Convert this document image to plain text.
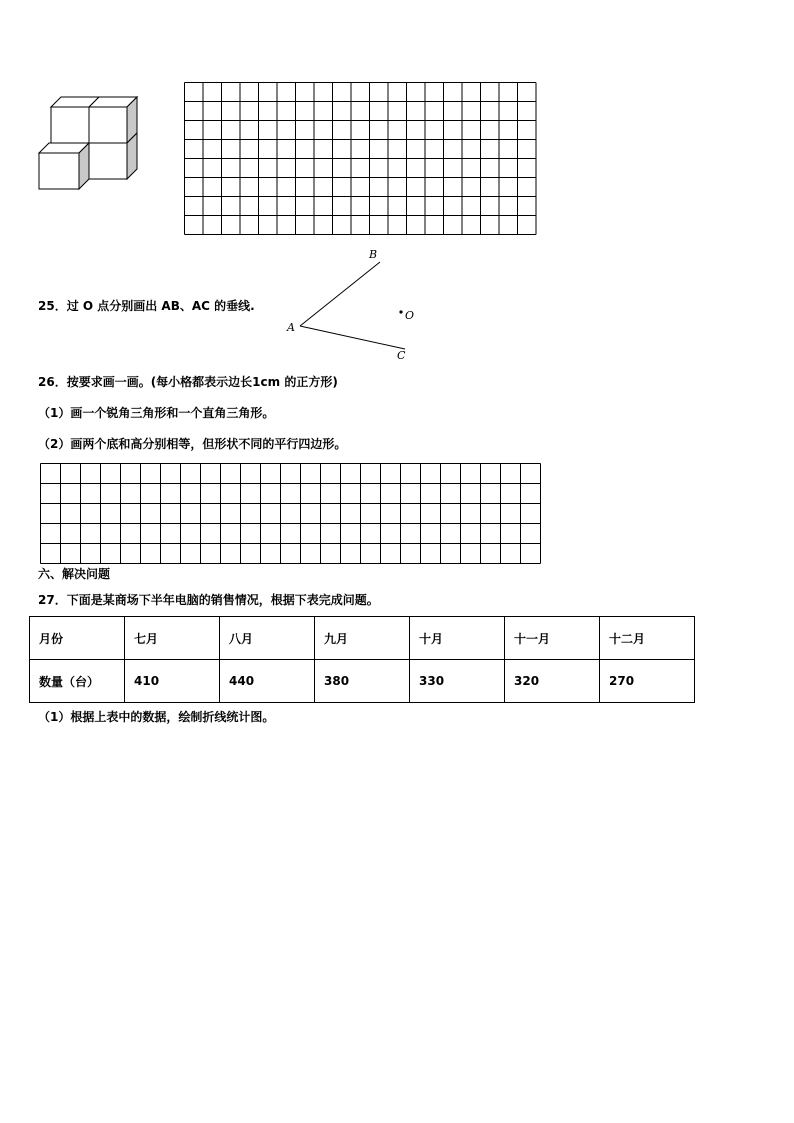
25．过 O 点分别画出 AB、AC 的垂线.
B
A
C
O
26．按要求画一画。(每小格都表示边长1cm 的正方形)
（1）画一个锐角三角形和一个直角三角形。
（2）画两个底和高分别相等，但形状不同的平行四边形。
六、解决问题
27．下面是某商场下半年电脑的销售情况，根据下表完成问题。
月份	七月	八月	九月	十月	十一月	十二月
数量（台）	410	440	380	330	320	270
（1）根据上表中的数据，绘制折线统计图。
